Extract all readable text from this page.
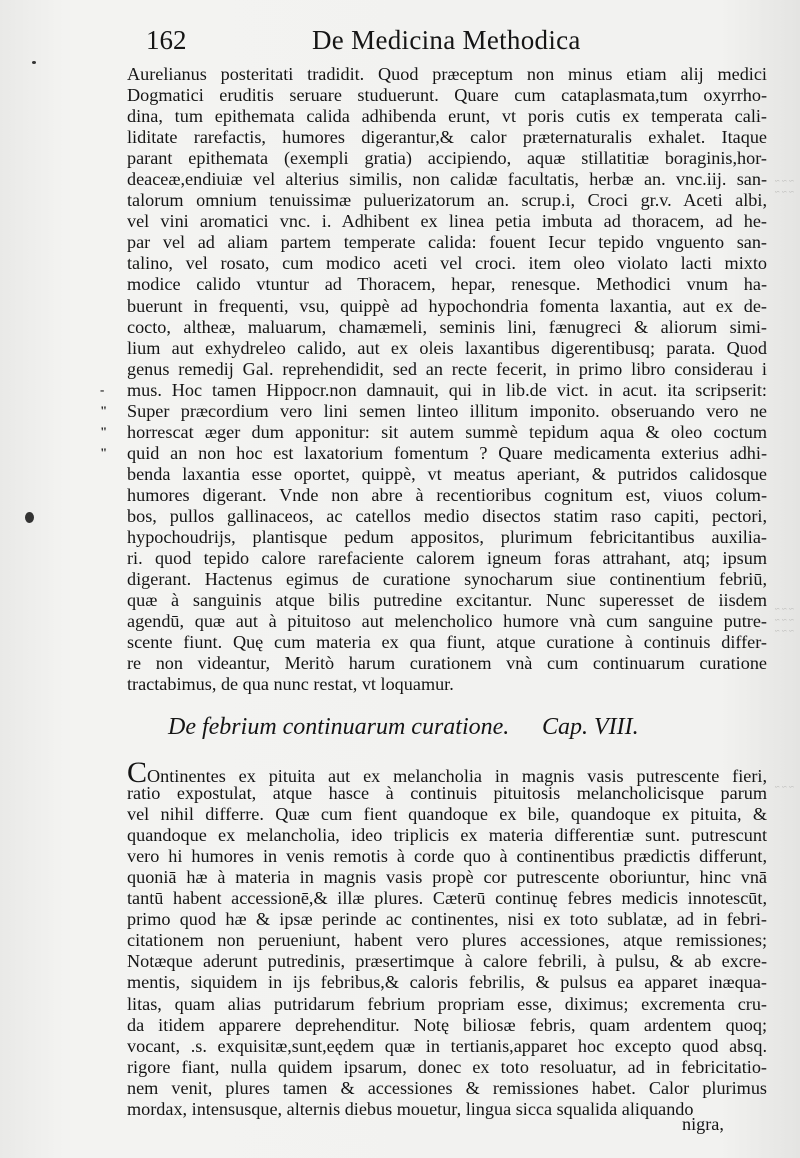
~ ~ ~
~ ~ ~
~ ~ ~
~ ~ ~
~ ~ ~
~ ~ ~
162	De Medicina Methodica
-
"
"
"
Aurelianus posteritati tradidit. Quod præceptum non minus etiam alij medici
Dogmatici eruditis seruare studuerunt. Quare cum cataplasmata,tum oxyrrho-
dina, tum epithemata calida adhibenda erunt, vt poris cutis ex temperata cali-
liditate rarefactis, humores digerantur,& calor præternaturalis exhalet. Itaque
parant epithemata (exempli gratia) accipiendo, aquæ stillatitiæ boraginis,hor-
deaceæ,endiuiæ vel alterius similis, non calidæ facultatis, herbæ an. vnc.iij. san-
talorum omnium tenuissimæ puluerizatorum an. scrup.i, Croci gr.v. Aceti albi,
vel vini aromatici vnc. i. Adhibent ex linea petia imbuta ad thoracem, ad he-
par vel ad aliam partem temperate calida: fouent Iecur tepido vnguento san-
talino, vel rosato, cum modico aceti vel croci. item oleo violato lacti mixto
modice calido vtuntur ad Thoracem, hepar, renesque. Methodici vnum ha-
buerunt in frequenti, vsu, quippè ad hypochondria fomenta laxantia, aut ex de-
cocto, altheæ, maluarum, chamæmeli, seminis lini, fænugreci & aliorum simi-
lium aut exhydreleo calido, aut ex oleis laxantibus digerentibusq; parata. Quod
genus remedij Gal. reprehendidit, sed an recte fecerit, in primo libro considerau i
mus. Hoc tamen Hippocr.non damnauit, qui in lib.de vict. in acut. ita scripserit:
Super præcordium vero lini semen linteo illitum imponito. obseruando vero ne
horrescat æger dum apponitur: sit autem summè tepidum aqua & oleo coctum
quid an non hoc est laxatorium fomentum ? Quare medicamenta exterius adhi-
benda laxantia esse oportet, quippè, vt meatus aperiant, & putridos calidosque
humores digerant. Vnde non abre à recentioribus cognitum est, viuos colum-
bos, pullos gallinaceos, ac catellos medio disectos statim raso capiti, pectori,
hypochoudrijs, plantisque pedum appositos, plurimum febricitantibus auxilia-
ri. quod tepido calore rarefaciente calorem igneum foras attrahant, atq; ipsum
digerant. Hactenus egimus de curatione synocharum siue continentium febriū,
quæ à sanguinis atque bilis putredine excitantur. Nunc superesset de iisdem
agendū, quæ aut à pituitoso aut melencholico humore vnà cum sanguine putre-
scente fiunt. Quę cum materia ex qua fiunt, atque curatione à continuis differ-
re non videantur, Meritò harum curationem vnà cum continuarum curatione
tractabimus, de qua nunc restat, vt loquamur.
De febrium continuarum curatione. Cap. VIII.
COntinentes ex pituita aut ex melancholia in magnis vasis putrescente fieri,
ratio expostulat, atque hasce à continuis pituitosis melancholicisque parum
vel nihil differre. Quæ cum fient quandoque ex bile, quandoque ex pituita, &
quandoque ex melancholia, ideo triplicis ex materia differentiæ sunt. putrescunt
vero hi humores in venis remotis à corde quo à continentibus prædictis differunt,
quoniā hæ à materia in magnis vasis propè cor putrescente oboriuntur, hinc vnā
tantū habent accessionē,& illæ plures. Cæterū continuę febres medicis innotescūt,
primo quod hæ & ipsæ perinde ac continentes, nisi ex toto sublatæ, ad in febri-
citationem non perueniunt, habent vero plures accessiones, atque remissiones;
Notæque aderunt putredinis, præsertimque à calore febrili, à pulsu, & ab excre-
mentis, siquidem in ijs febribus,& caloris febrilis, & pulsus ea apparet inæqua-
litas, quam alias putridarum febrium propriam esse, diximus; excrementa cru-
da itidem apparere deprehenditur. Notę biliosæ febris, quam ardentem quoq;
vocant, .s. exquisitæ,sunt,eędem quæ in tertianis,apparet hoc excepto quod absq.
rigore fiant, nulla quidem ipsarum, donec ex toto resoluatur, ad in febricitatio-
nem venit, plures tamen & accessiones & remissiones habet. Calor plurimus
mordax, intensusque, alternis diebus mouetur, lingua sicca squalida aliquando
nigra,
